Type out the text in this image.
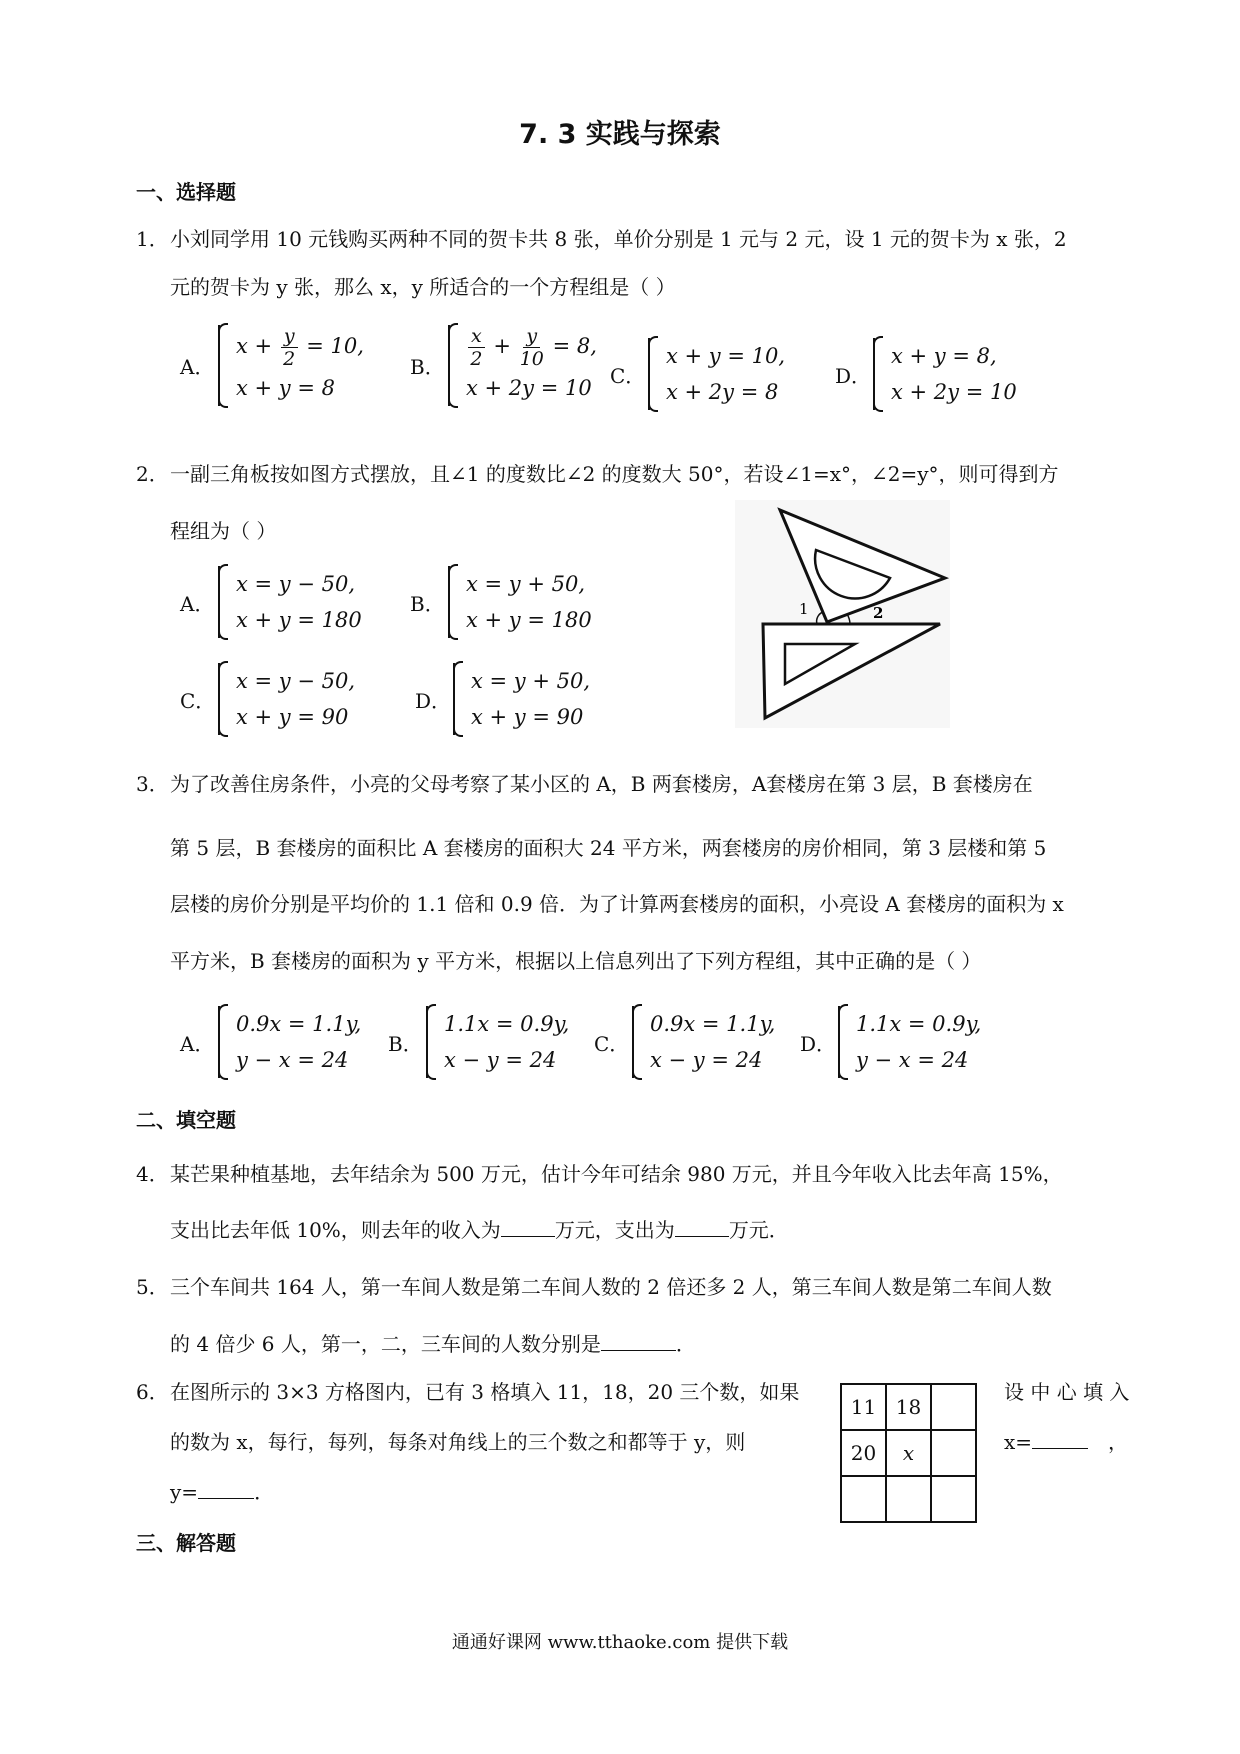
7. 3 实践与探索
一、选择题
1． 小刘同学用 10 元钱购买两种不同的贺卡共 8 张，单价分别是 1 元与 2 元，设 1 元的贺卡为 x 张，2
元的贺卡为 y 张，那么 x，y 所适合的一个方程组是（ ）
A．
$x + \frac{y}{2} = 10$,
x + y = 8
B． $\frac{x}{2} + \frac{y}{10} = 8$,
x + 2y = 10
C．
x + y = 10,
x + 2y = 8
D．
x + y = 8,
x + 2y = 10
2． 一副三角板按如图方式摆放，且∠1 的度数比∠2 的度数大 50°，若设∠1=x°，∠2=y°，则可得到方
程组为（ ）
A．
x = y − 50,
x + y = 180
B．
x = y + 50,
x + y = 180
C．
x = y − 50,
x + y = 90
D．
x = y + 50,
x + y = 90
1	2
3． 为了改善住房条件，小亮的父母考察了某小区的 A，B 两套楼房，A套楼房在第 3 层，B 套楼房在
第 5 层，B 套楼房的面积比 A 套楼房的面积大 24 平方米，两套楼房的房价相同，第 3 层楼和第 5
层楼的房价分别是平均价的 1.1 倍和 0.9 倍．为了计算两套楼房的面积，小亮设 A 套楼房的面积为 x
平方米，B 套楼房的面积为 y 平方米，根据以上信息列出了下列方程组，其中正确的是（ ）
A．
0.9x = 1.1y,
y − x = 24
B．
1.1x = 0.9y,
x − y = 24
C．
0.9x = 1.1y,
x − y = 24
D．
1.1x = 0.9y,
y − x = 24
二、填空题
4． 某芒果种植基地，去年结余为 500 万元，估计今年可结余 980 万元，并且今年收入比去年高 15%，
支出比去年低 10%，则去年的收入为	万元，支出为	万元．
5． 三个车间共 164 人，第一车间人数是第二车间人数的 2 倍还多 2 人，第三车间人数是第二车间人数
的 4 倍少 6 人，第一，二，三车间的人数分别是	．
6． 在图所示的 3×3 方格图内，已有 3 格填入 11，18，20 三个数，如果	设 中 心 填 入
的数为 x，每行，每列，每条对角线上的三个数之和都等于 y，则	x=	，
y=	．
11	18	
20	x	

三、解答题
通通好课网 www.tthaoke.com 提供下载
